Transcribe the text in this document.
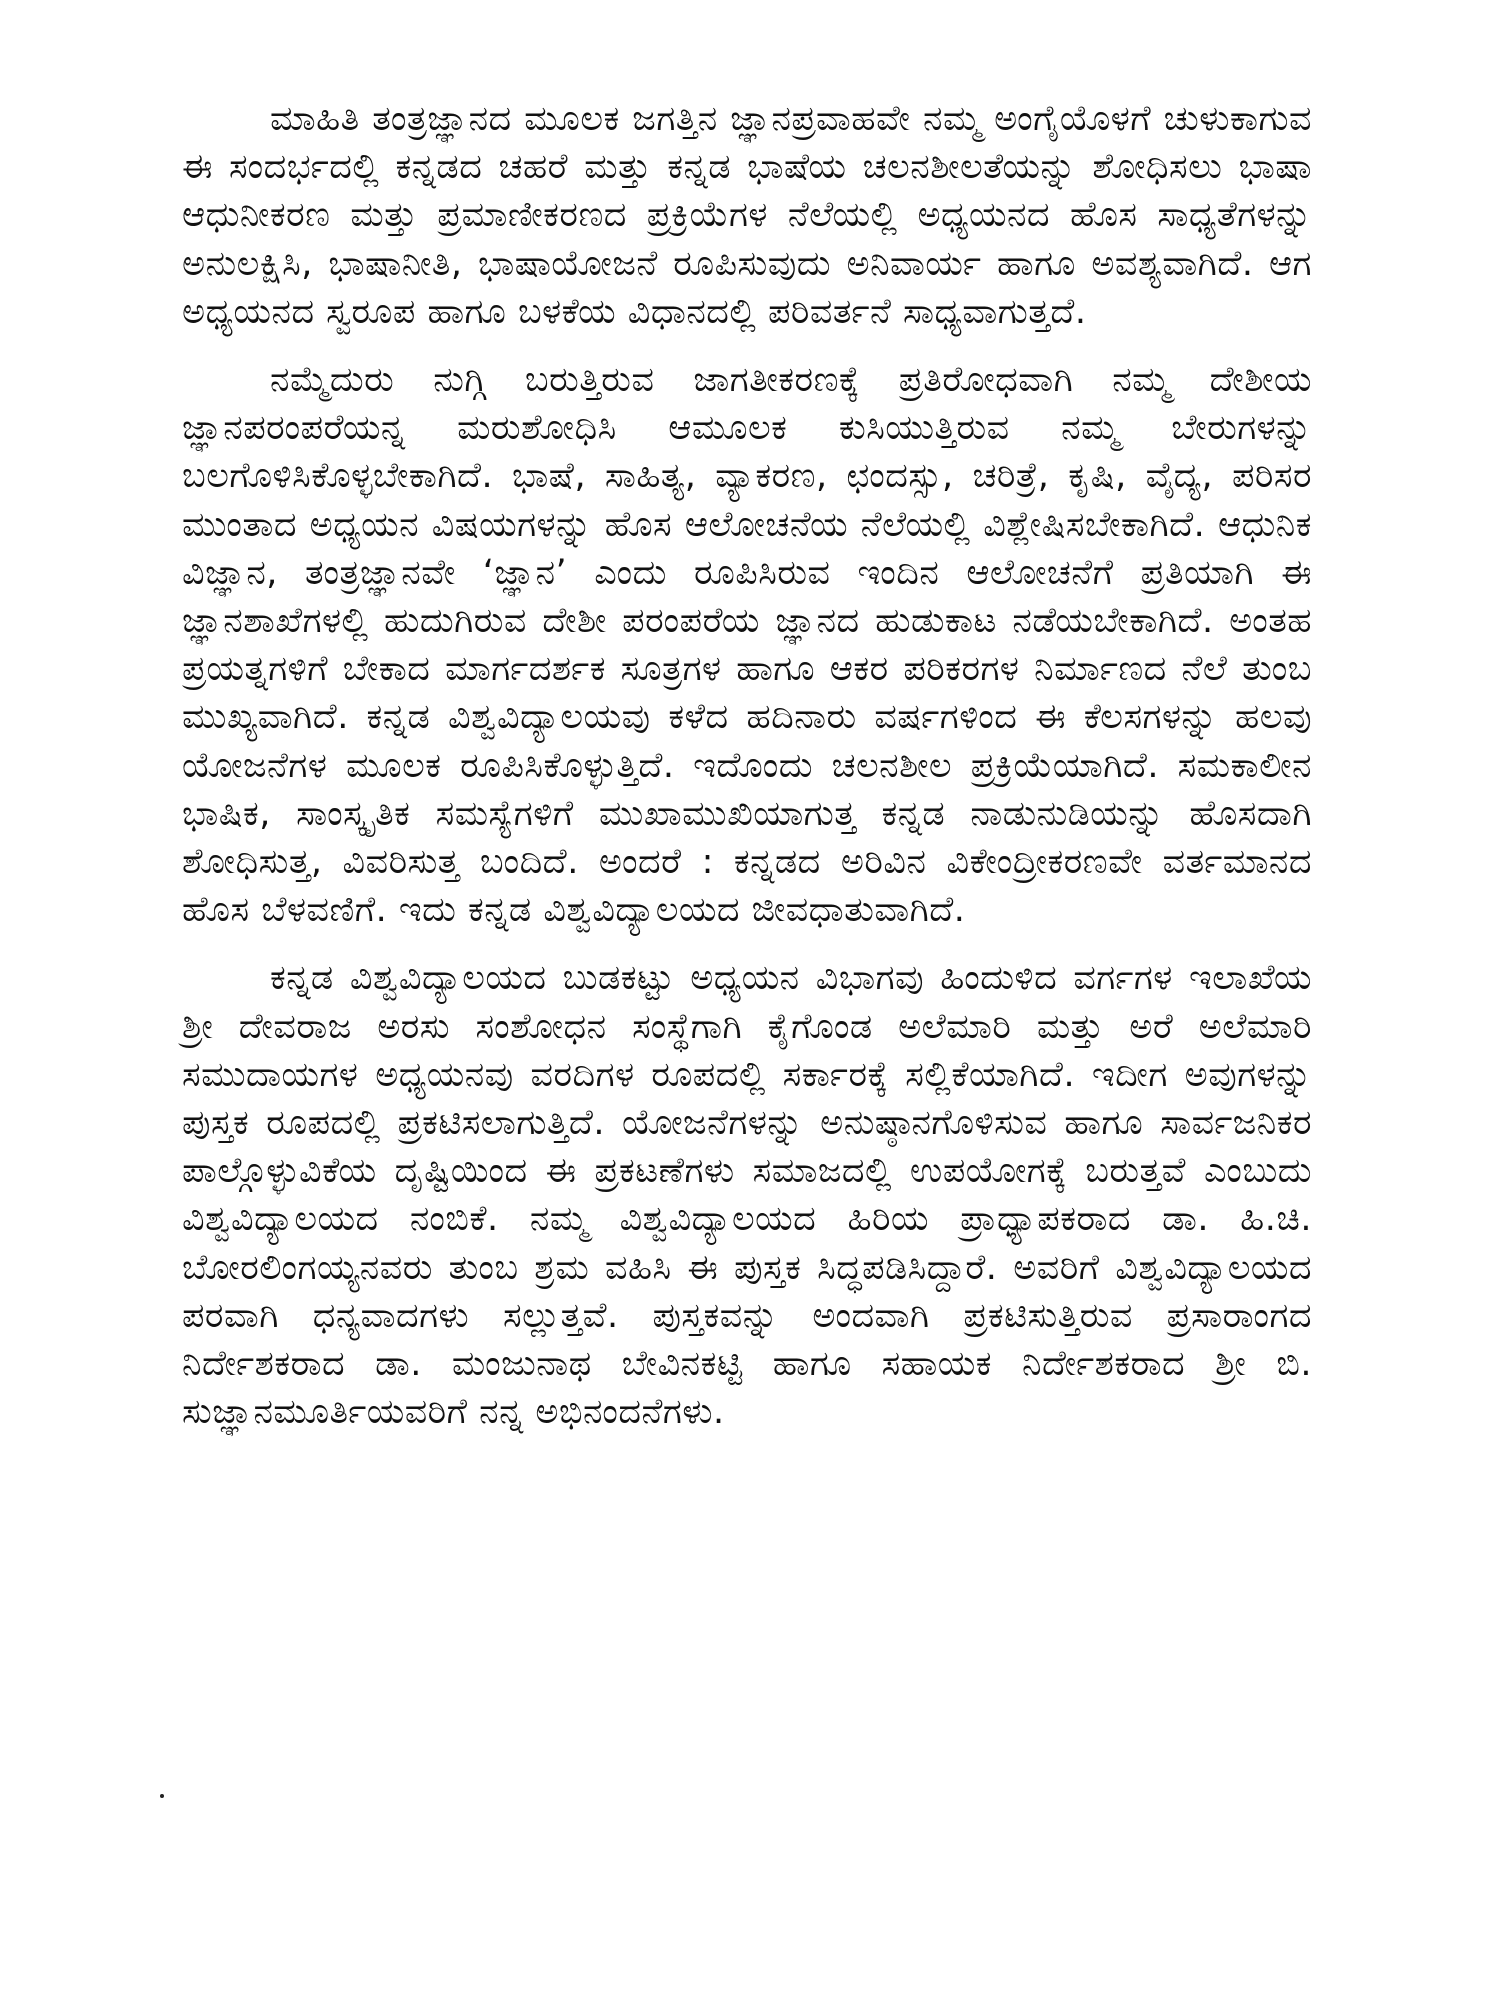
ಮಾಹಿತಿ ತಂತ್ರಜ್ಞಾನದ ಮೂಲಕ ಜಗತ್ತಿನ ಜ್ಞಾನಪ್ರವಾಹವೇ ನಮ್ಮ ಅಂಗೈಯೊಳಗೆ ಚುಳುಕಾಗುವ ಈ ಸಂದರ್ಭದಲ್ಲಿ ಕನ್ನಡದ ಚಹರೆ ಮತ್ತು ಕನ್ನಡ ಭಾಷೆಯ ಚಲನಶೀಲತೆಯನ್ನು ಶೋಧಿಸಲು ಭಾಷಾ ಆಧುನೀಕರಣ ಮತ್ತು ಪ್ರಮಾಣೀಕರಣದ ಪ್ರಕ್ರಿಯೆಗಳ ನೆಲೆಯಲ್ಲಿ ಅಧ್ಯಯನದ ಹೊಸ ಸಾಧ್ಯತೆಗಳನ್ನು ಅನುಲಕ್ಷಿಸಿ, ಭಾಷಾನೀತಿ, ಭಾಷಾಯೋಜನೆ ರೂಪಿಸುವುದು ಅನಿವಾರ್ಯ ಹಾಗೂ ಅವಶ್ಯವಾಗಿದೆ. ಆಗ ಅಧ್ಯಯನದ ಸ್ವರೂಪ ಹಾಗೂ ಬಳಕೆಯ ವಿಧಾನದಲ್ಲಿ ಪರಿವರ್ತನೆ ಸಾಧ್ಯವಾಗುತ್ತದೆ.

ನಮ್ಮೆದುರು ನುಗ್ಗಿ ಬರುತ್ತಿರುವ ಜಾಗತೀಕರಣಕ್ಕೆ ಪ್ರತಿರೋಧವಾಗಿ ನಮ್ಮ ದೇಶೀಯ ಜ್ಞಾನಪರಂಪರೆಯನ್ನ ಮರುಶೋಧಿಸಿ ಆಮೂಲಕ ಕುಸಿಯುತ್ತಿರುವ ನಮ್ಮ ಬೇರುಗಳನ್ನು ಬಲಗೊಳಿಸಿಕೊಳ್ಳಬೇಕಾಗಿದೆ. ಭಾಷೆ, ಸಾಹಿತ್ಯ, ವ್ಯಾಕರಣ, ಛಂದಸ್ಸು, ಚರಿತ್ರೆ, ಕೃಷಿ, ವೈದ್ಯ, ಪರಿಸರ ಮುಂತಾದ ಅಧ್ಯಯನ ವಿಷಯಗಳನ್ನು ಹೊಸ ಆಲೋಚನೆಯ ನೆಲೆಯಲ್ಲಿ ವಿಶ್ಲೇಷಿಸಬೇಕಾಗಿದೆ. ಆಧುನಿಕ ವಿಜ್ಞಾನ, ತಂತ್ರಜ್ಞಾನವೇ ‘ಜ್ಞಾನ’ ಎಂದು ರೂಪಿಸಿರುವ ಇಂದಿನ ಆಲೋಚನೆಗೆ ಪ್ರತಿಯಾಗಿ ಈ ಜ್ಞಾನಶಾಖೆಗಳಲ್ಲಿ ಹುದುಗಿರುವ ದೇಶೀ ಪರಂಪರೆಯ ಜ್ಞಾನದ ಹುಡುಕಾಟ ನಡೆಯಬೇಕಾಗಿದೆ. ಅಂತಹ ಪ್ರಯತ್ನಗಳಿಗೆ ಬೇಕಾದ ಮಾರ್ಗದರ್ಶಕ ಸೂತ್ರಗಳ ಹಾಗೂ ಆಕರ ಪರಿಕರಗಳ ನಿರ್ಮಾಣದ ನೆಲೆ ತುಂಬ ಮುಖ್ಯವಾಗಿದೆ. ಕನ್ನಡ ವಿಶ್ವವಿದ್ಯಾಲಯವು ಕಳೆದ ಹದಿನಾರು ವರ್ಷಗಳಿಂದ ಈ ಕೆಲಸಗಳನ್ನು ಹಲವು ಯೋಜನೆಗಳ ಮೂಲಕ ರೂಪಿಸಿಕೊಳ್ಳುತ್ತಿದೆ. ಇದೊಂದು ಚಲನಶೀಲ ಪ್ರಕ್ರಿಯೆಯಾಗಿದೆ. ಸಮಕಾಲೀನ ಭಾಷಿಕ, ಸಾಂಸ್ಕೃತಿಕ ಸಮಸ್ಯೆಗಳಿಗೆ ಮುಖಾಮುಖಿಯಾಗುತ್ತ ಕನ್ನಡ ನಾಡುನುಡಿಯನ್ನು ಹೊಸದಾಗಿ ಶೋಧಿಸುತ್ತ, ವಿವರಿಸುತ್ತ ಬಂದಿದೆ. ಅಂದರೆ : ಕನ್ನಡದ ಅರಿವಿನ ವಿಕೇಂದ್ರೀಕರಣವೇ ವರ್ತಮಾನದ ಹೊಸ ಬೆಳವಣಿಗೆ. ಇದು ಕನ್ನಡ ವಿಶ್ವವಿದ್ಯಾಲಯದ ಜೀವಧಾತುವಾಗಿದೆ.

ಕನ್ನಡ ವಿಶ್ವವಿದ್ಯಾಲಯದ ಬುಡಕಟ್ಟು ಅಧ್ಯಯನ ವಿಭಾಗವು ಹಿಂದುಳಿದ ವರ್ಗಗಳ ಇಲಾಖೆಯ ಶ್ರೀ ದೇವರಾಜ ಅರಸು ಸಂಶೋಧನ ಸಂಸ್ಥೆಗಾಗಿ ಕೈಗೊಂಡ ಅಲೆಮಾರಿ ಮತ್ತು ಅರೆ ಅಲೆಮಾರಿ ಸಮುದಾಯಗಳ ಅಧ್ಯಯನವು ವರದಿಗಳ ರೂಪದಲ್ಲಿ ಸರ್ಕಾರಕ್ಕೆ ಸಲ್ಲಿಕೆಯಾಗಿದೆ. ಇದೀಗ ಅವುಗಳನ್ನು ಪುಸ್ತಕ ರೂಪದಲ್ಲಿ ಪ್ರಕಟಿಸಲಾಗುತ್ತಿದೆ. ಯೋಜನೆಗಳನ್ನು ಅನುಷ್ಠಾನಗೊಳಿಸುವ ಹಾಗೂ ಸಾರ್ವಜನಿಕರ ಪಾಲ್ಗೊಳ್ಳುವಿಕೆಯ ದೃಷ್ಟಿಯಿಂದ ಈ ಪ್ರಕಟಣೆಗಳು ಸಮಾಜದಲ್ಲಿ ಉಪಯೋಗಕ್ಕೆ ಬರುತ್ತವೆ ಎಂಬುದು ವಿಶ್ವವಿದ್ಯಾಲಯದ ನಂಬಿಕೆ. ನಮ್ಮ ವಿಶ್ವವಿದ್ಯಾಲಯದ ಹಿರಿಯ ಪ್ರಾಧ್ಯಾಪಕರಾದ ಡಾ. ಹಿ.ಚಿ. ಬೋರಲಿಂಗಯ್ಯನವರು ತುಂಬ ಶ್ರಮ ವಹಿಸಿ ಈ ಪುಸ್ತಕ ಸಿದ್ಧಪಡಿಸಿದ್ದಾರೆ. ಅವರಿಗೆ ವಿಶ್ವವಿದ್ಯಾಲಯದ ಪರವಾಗಿ ಧನ್ಯವಾದಗಳು ಸಲ್ಲುತ್ತವೆ. ಪುಸ್ತಕವನ್ನು ಅಂದವಾಗಿ ಪ್ರಕಟಿಸುತ್ತಿರುವ ಪ್ರಸಾರಾಂಗದ ನಿರ್ದೇಶಕರಾದ ಡಾ. ಮಂಜುನಾಥ ಬೇವಿನಕಟ್ಟಿ ಹಾಗೂ ಸಹಾಯಕ ನಿರ್ದೇಶಕರಾದ ಶ್ರೀ ಬಿ. ಸುಜ್ಞಾನಮೂರ್ತಿಯವರಿಗೆ ನನ್ನ ಅಭಿನಂದನೆಗಳು.
